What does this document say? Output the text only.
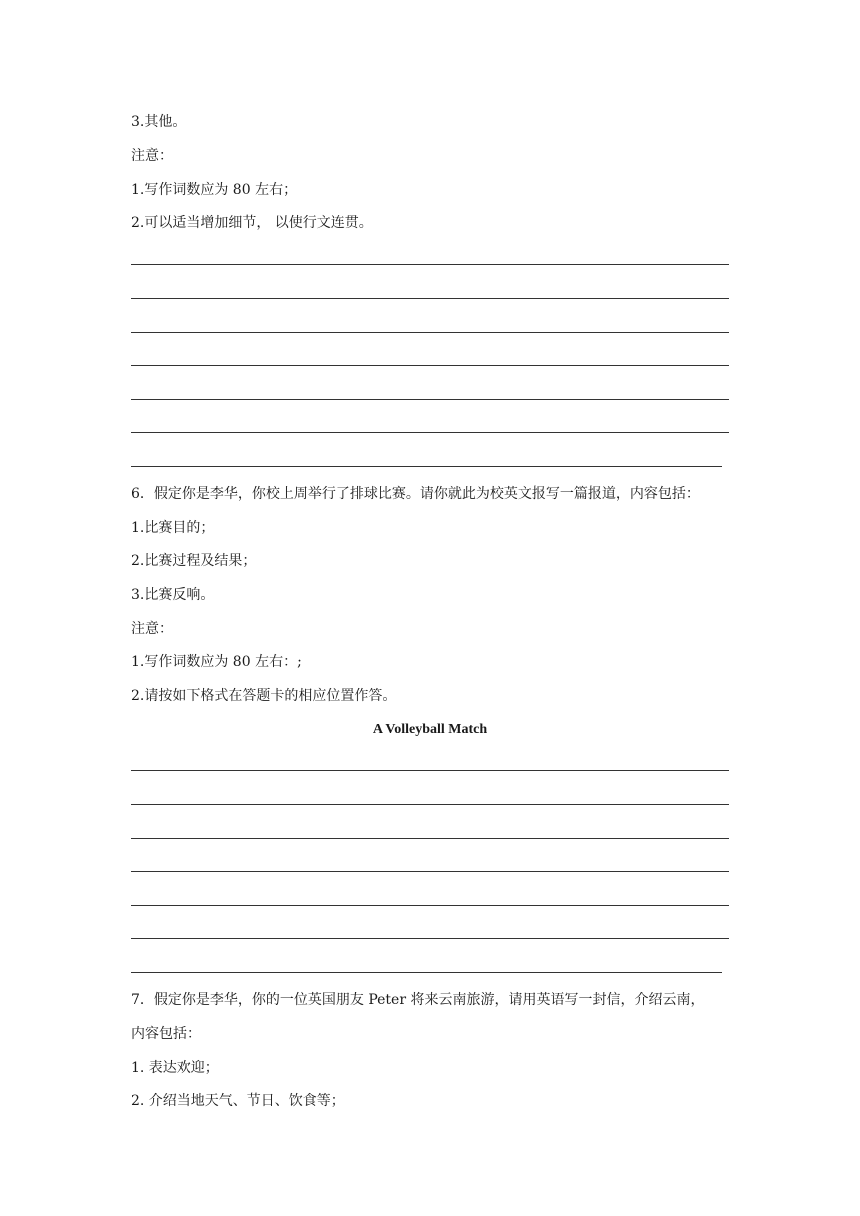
3.其他。
注意：
1.写作词数应为 80 左右；
2.可以适当增加细节， 以使行文连贯。
6．假定你是李华，你校上周举行了排球比赛。请你就此为校英文报写一篇报道，内容包括：
1.比赛目的；
2.比赛过程及结果；
3.比赛反响。
注意：
1.写作词数应为 80 左右：;
2.请按如下格式在答题卡的相应位置作答。
A Volleyball Match
7．假定你是李华，你的一位英国朋友 Peter 将来云南旅游，请用英语写一封信，介绍云南，
内容包括：
1. 表达欢迎；
2. 介绍当地天气、节日、饮食等；
